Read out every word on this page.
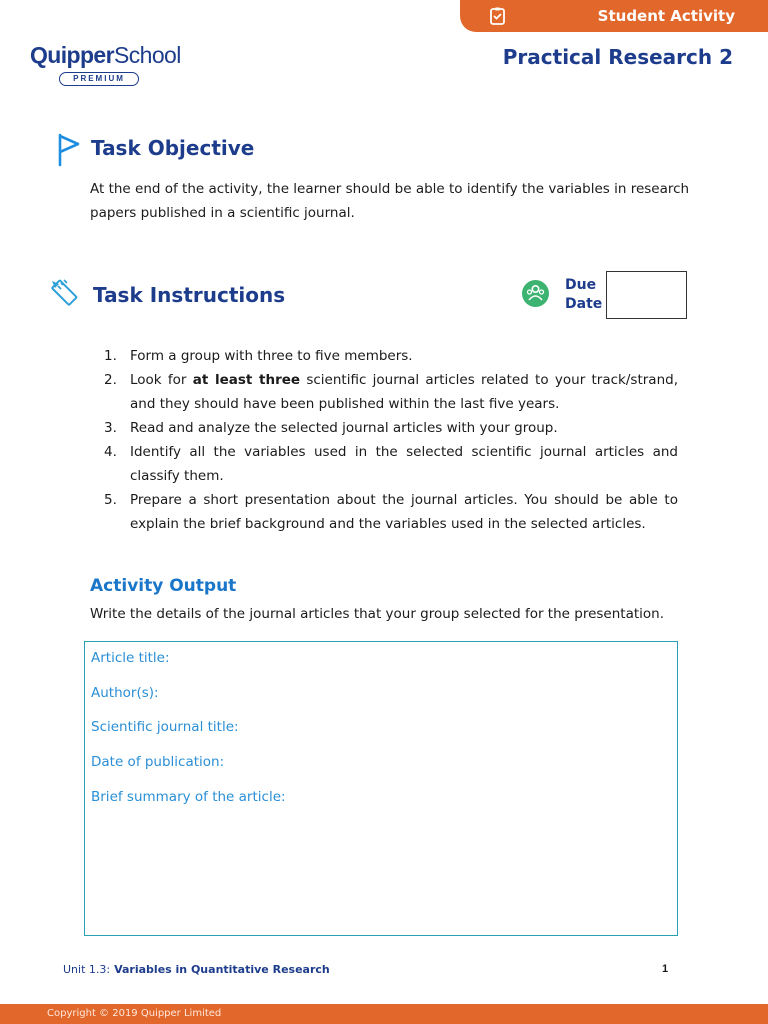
Student Activity
QuipperSchool
PREMIUM
Practical Research 2
Task Objective
At the end of the activity, the learner should be able to identify the variables in research papers published in a scientific journal.
Task Instructions	Due
Date
1. Form a group with three to five members.
2. Look for at least three scientific journal articles related to your track/strand, and they should have been published within the last five years.
3. Read and analyze the selected journal articles with your group.
4. Identify all the variables used in the selected scientific journal articles and classify them.
5. Prepare a short presentation about the journal articles. You should be able to explain the brief background and the variables used in the selected articles.
Activity Output
Write the details of the journal articles that your group selected for the presentation.
Article title:
Author(s):
Scientific journal title:
Date of publication:
Brief summary of the article:
Unit 1.3: Variables in Quantitative Research	1
Copyright © 2019 Quipper Limited
